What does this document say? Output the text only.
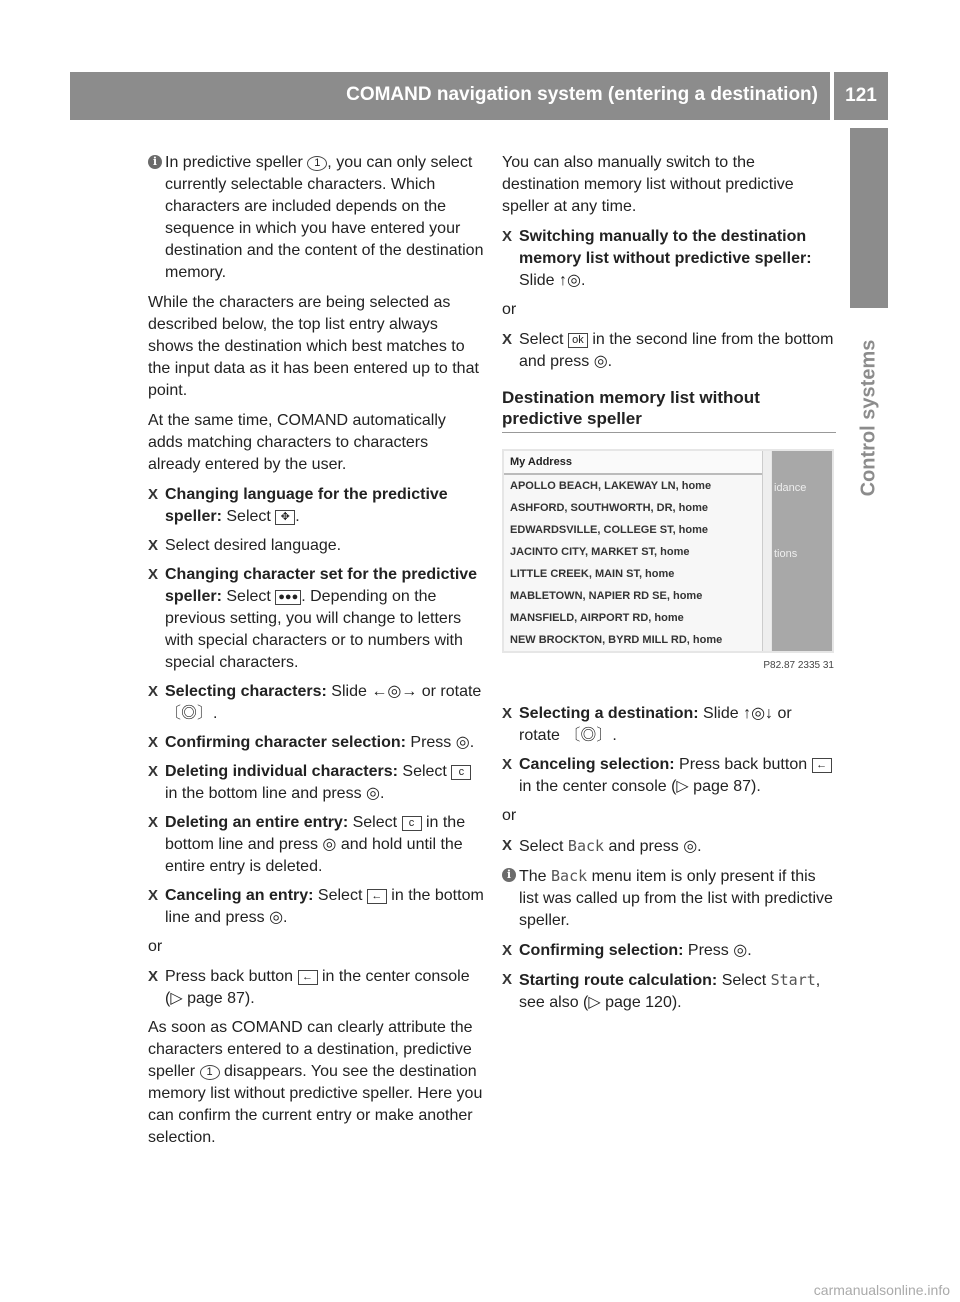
COMAND navigation system (entering a destination)	121
Control systems
i In predictive speller 1 , you can only select currently selectable characters. Which characters are included depends on the sequence in which you have entered your destination and the content of the destination memory.

While the characters are being selected as described below, the top list entry always shows the destination which best matches to the input data as it has been entered up to that point.

At the same time, COMAND automatically adds matching characters to characters already entered by the user.

X Changing language for the predictive speller: Select ✥ .
X Select desired language.
X Changing character set for the predictive speller: Select ●●● . Depending on the previous setting, you will change to letters with special characters or to numbers with special characters.
X Selecting characters: Slide ←◎→ or rotate 〔◎〕.
X Confirming character selection: Press ◎.
X Deleting individual characters: Select c in the bottom line and press ◎.
X Deleting an entire entry: Select c in the bottom line and press ◎ and hold until the entire entry is deleted.
X Canceling an entry: Select ← in the bottom line and press ◎.

or

X Press back button ← in the center console (▷ page 87).

As soon as COMAND can clearly attribute the characters entered to a destination, predictive speller 1 disappears. You see the destination memory list without predictive speller. Here you can confirm the current entry or make another selection.

You can also manually switch to the destination memory list without predictive speller at any time.

X Switching manually to the destination memory list without predictive speller: Slide ↑◎.

or

X Select ok in the second line from the bottom and press ◎.
Destination memory list without predictive speller
My Address
APOLLO BEACH, LAKEWAY LN, home
ASHFORD, SOUTHWORTH, DR, home
EDWARDSVILLE, COLLEGE ST, home
JACINTO CITY, MARKET ST, home
LITTLE CREEK, MAIN ST, home
MABLETOWN, NAPIER RD SE, home
MANSFIELD, AIRPORT RD, home
NEW BROCKTON, BYRD MILL RD, home
idance
tions
P82.87 2335 31
X Selecting a destination: Slide ↑◎↓ or rotate 〔◎〕.
X Canceling selection: Press back button ← in the center console (▷ page 87).

or

X Select Back and press ◎.
i The Back menu item is only present if this list was called up from the list with predictive speller.
X Confirming selection: Press ◎.
X Starting route calculation: Select Start, see also (▷ page 120).
carmanualsonline.info
